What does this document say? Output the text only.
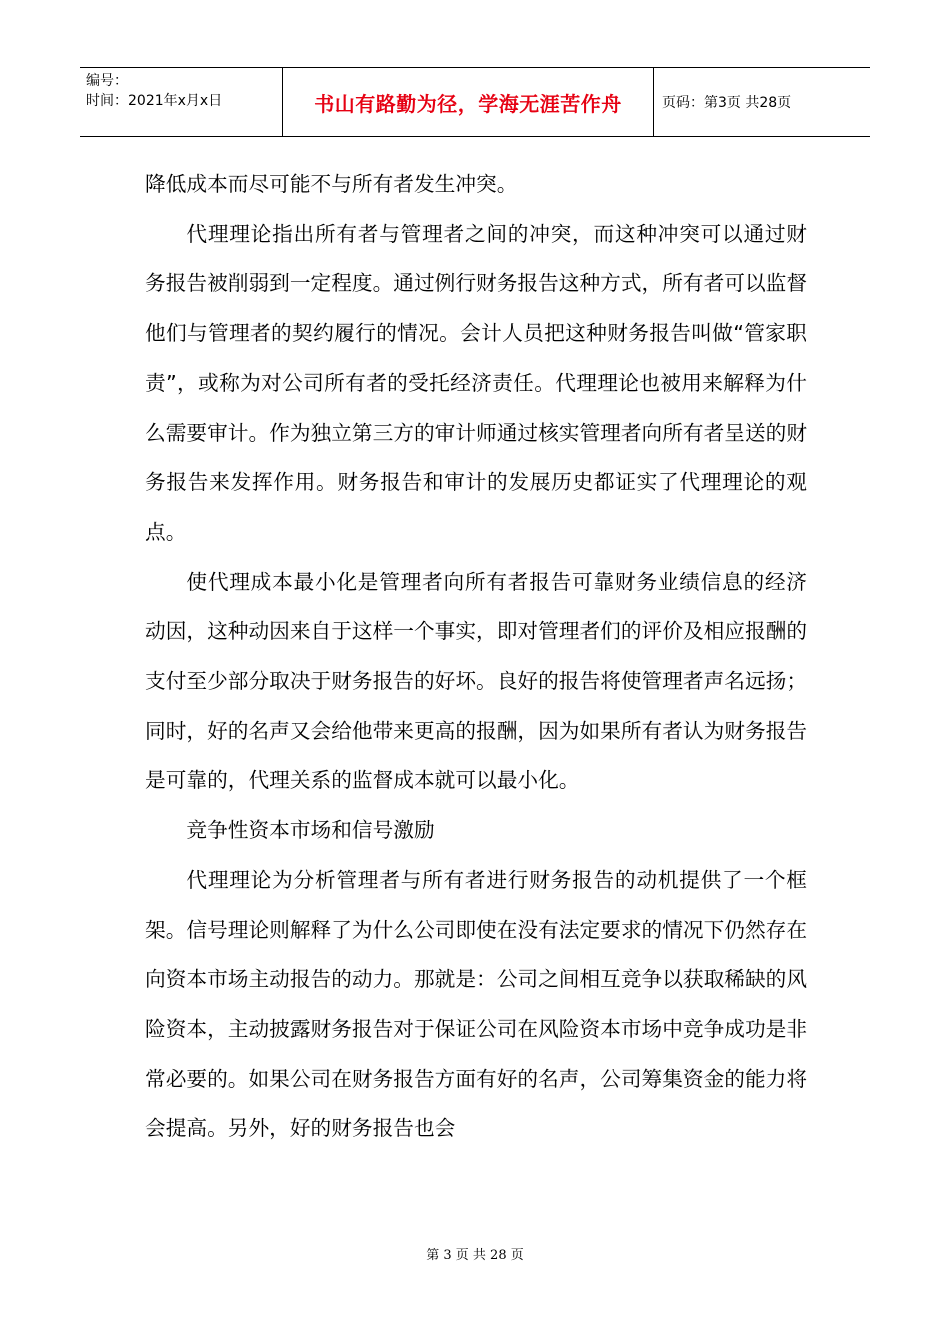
编号：
时间：2021年x月x日	书山有路勤为径，学海无涯苦作舟	页码：第3页 共28页

降低成本而尽可能不与所有者发生冲突。

代理理论指出所有者与管理者之间的冲突，而这种冲突可以通过财务报告被削弱到一定程度。通过例行财务报告这种方式，所有者可以监督他们与管理者的契约履行的情况。会计人员把这种财务报告叫做“管家职责”，或称为对公司所有者的受托经济责任。代理理论也被用来解释为什么需要审计。作为独立第三方的审计师通过核实管理者向所有者呈送的财务报告来发挥作用。财务报告和审计的发展历史都证实了代理理论的观点。

使代理成本最小化是管理者向所有者报告可靠财务业绩信息的经济动因，这种动因来自于这样一个事实，即对管理者们的评价及相应报酬的支付至少部分取决于财务报告的好坏。良好的报告将使管理者声名远扬；同时，好的名声又会给他带来更高的报酬，因为如果所有者认为财务报告是可靠的，代理关系的监督成本就可以最小化。

竞争性资本市场和信号激励

代理理论为分析管理者与所有者进行财务报告的动机提供了一个框架。信号理论则解释了为什么公司即使在没有法定要求的情况下仍然存在向资本市场主动报告的动力。那就是：公司之间相互竞争以获取稀缺的风险资本，主动披露财务报告对于保证公司在风险资本市场中竞争成功是非常必要的。如果公司在财务报告方面有好的名声，公司筹集资金的能力将会提高。另外，好的财务报告也会

第 3 页 共 28 页
